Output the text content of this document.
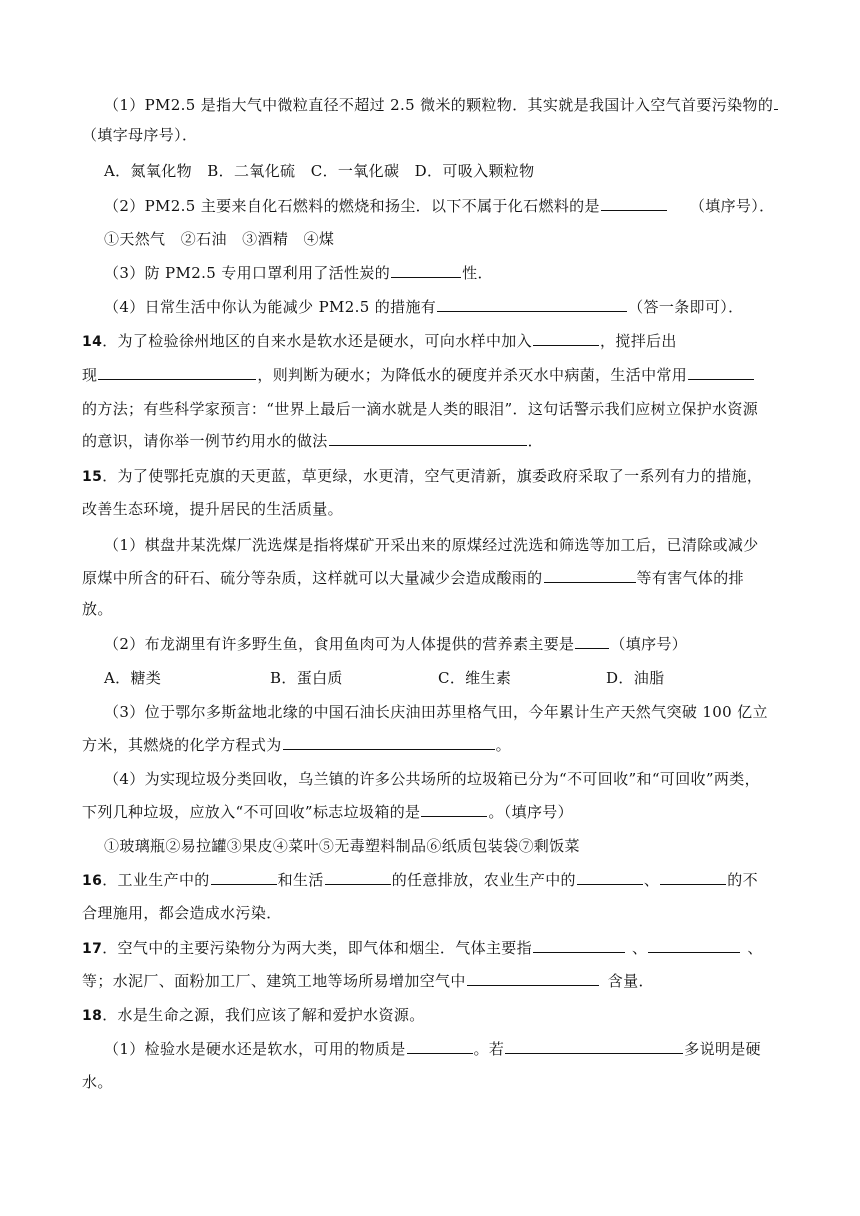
（1）PM2.5 是指大气中微粒直径不超过 2.5 微米的颗粒物．其实就是我国计入空气首要污染物的
（填字母序号）．
A．氮氧化物　B．二氧化硫　C．一氧化碳　D．可吸入颗粒物
（2）PM2.5 主要来自化石燃料的燃烧和扬尘．以下不属于化石燃料的是	（填序号）．
①天然气　②石油　③酒精　④煤
（3）防 PM2.5 专用口罩利用了活性炭的	性．
（4）日常生活中你认为能减少 PM2.5 的措施有	（答一条即可）．
14．为了检验徐州地区的自来水是软水还是硬水，可向水样中加入	，搅拌后出
现	，则判断为硬水；为降低水的硬度并杀灭水中病菌，生活中常用
的方法；有些科学家预言：“世界上最后一滴水就是人类的眼泪”．这句话警示我们应树立保护水资源
的意识，请你举一例节约用水的做法	．
15．为了使鄂托克旗的天更蓝，草更绿，水更清，空气更清新，旗委政府采取了一系列有力的措施，
改善生态环境，提升居民的生活质量。
（1）棋盘井某洗煤厂洗选煤是指将煤矿开采出来的原煤经过洗选和筛选等加工后，已清除或减少
原煤中所含的矸石、硫分等杂质，这样就可以大量减少会造成酸雨的	等有害气体的排
放。
（2）布龙湖里有许多野生鱼，食用鱼肉可为人体提供的营养素主要是 （填序号）
A．糖类	B．蛋白质	C．维生素	D．油脂
（3）位于鄂尔多斯盆地北缘的中国石油长庆油田苏里格气田，今年累计生产天然气突破 100 亿立
方米，其燃烧的化学方程式为	。
（4）为实现垃圾分类回收，乌兰镇的许多公共场所的垃圾箱已分为“不可回收”和“可回收”两类，
下列几种垃圾，应放入“不可回收”标志垃圾箱的是	。（填序号）
①玻璃瓶②易拉罐③果皮④菜叶⑤无毒塑料制品⑥纸质包装袋⑦剩饭菜
16．工业生产中的	和生活	的任意排放，农业生产中的	、	的不
合理施用，都会造成水污染．
17．空气中的主要污染物分为两大类，即气体和烟尘．气体主要指	、	、
等；水泥厂、面粉加工厂、建筑工地等场所易增加空气中	含量．
18．水是生命之源，我们应该了解和爱护水资源。
（1）检验水是硬水还是软水，可用的物质是	。若	多说明是硬
水。
